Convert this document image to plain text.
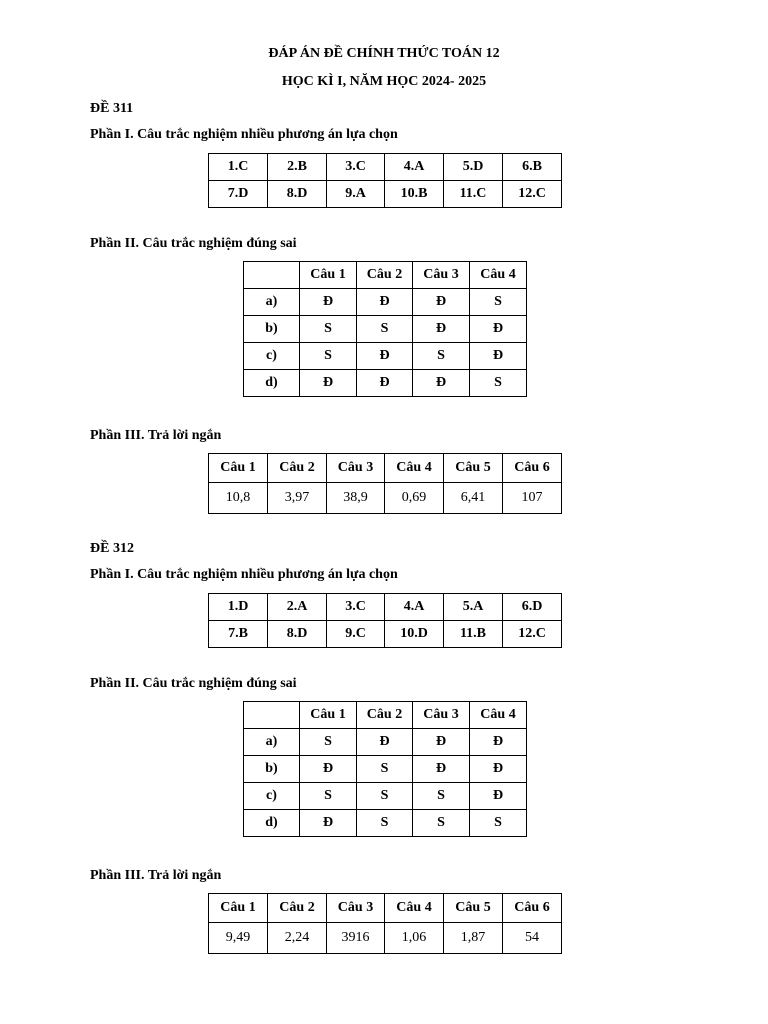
ĐÁP ÁN ĐỀ CHÍNH THỨC TOÁN 12
HỌC KÌ I, NĂM HỌC 2024- 2025
ĐỀ 311
Phần I. Câu trắc nghiệm nhiều phương án lựa chọn
1.C	2.B	3.C	4.A	5.D	6.B
7.D	8.D	9.A	10.B	11.C	12.C
Phần II. Câu trắc nghiệm đúng sai
	Câu 1	Câu 2	Câu 3	Câu 4
a)	Đ	Đ	Đ	S
b)	S	S	Đ	Đ
c)	S	Đ	S	Đ
d)	Đ	Đ	Đ	S
Phần III. Trả lời ngắn
Câu 1	Câu 2	Câu 3	Câu 4	Câu 5	Câu 6
10,8	3,97	38,9	0,69	6,41	107
ĐỀ 312
Phần I. Câu trắc nghiệm nhiều phương án lựa chọn
1.D	2.A	3.C	4.A	5.A	6.D
7.B	8.D	9.C	10.D	11.B	12.C
Phần II. Câu trắc nghiệm đúng sai
	Câu 1	Câu 2	Câu 3	Câu 4
a)	S	Đ	Đ	Đ
b)	Đ	S	Đ	Đ
c)	S	S	S	Đ
d)	Đ	S	S	S
Phần III. Trả lời ngắn
Câu 1	Câu 2	Câu 3	Câu 4	Câu 5	Câu 6
9,49	2,24	3916	1,06	1,87	54
